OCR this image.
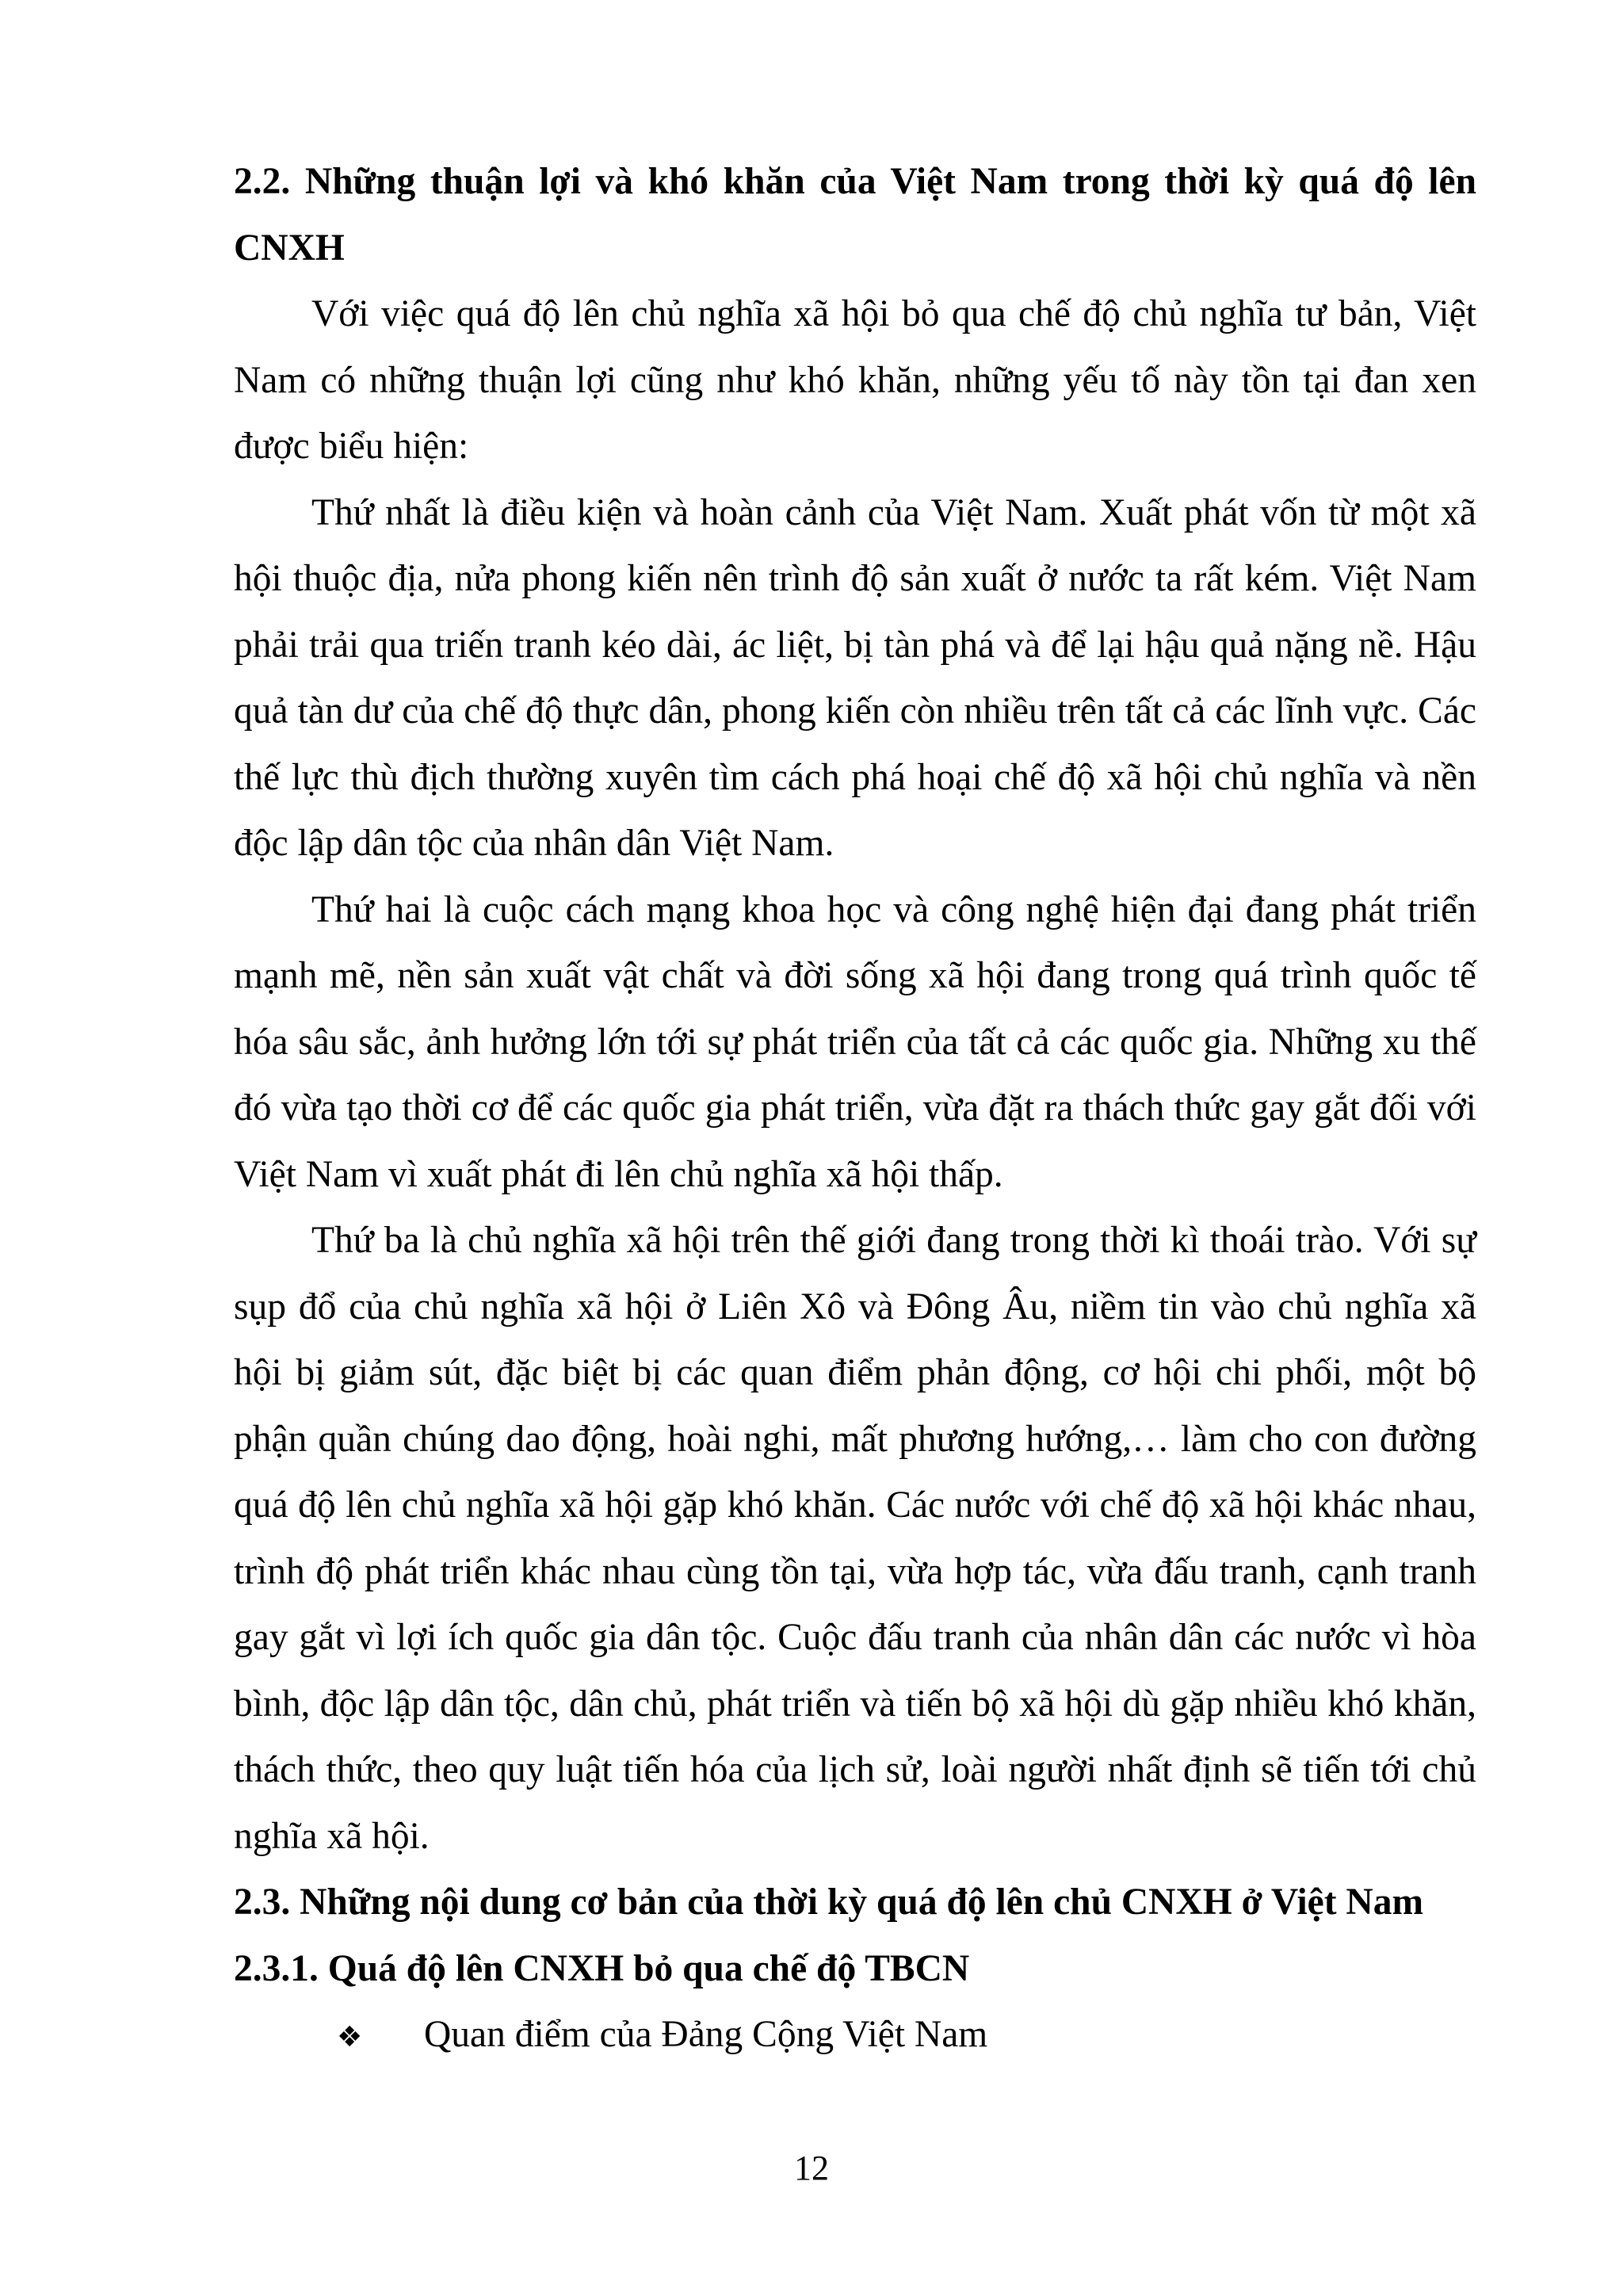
2.2. Những thuận lợi và khó khăn của Việt Nam trong thời kỳ quá độ lên CNXH

Với việc quá độ lên chủ nghĩa xã hội bỏ qua chế độ chủ nghĩa tư bản, Việt Nam có những thuận lợi cũng như khó khăn, những yếu tố này tồn tại đan xen được biểu hiện:

Thứ nhất là điều kiện và hoàn cảnh của Việt Nam. Xuất phát vốn từ một xã hội thuộc địa, nửa phong kiến nên trình độ sản xuất ở nước ta rất kém. Việt Nam phải trải qua triến tranh kéo dài, ác liệt, bị tàn phá và để lại hậu quả nặng nề. Hậu quả tàn dư của chế độ thực dân, phong kiến còn nhiều trên tất cả các lĩnh vực. Các thế lực thù địch thường xuyên tìm cách phá hoại chế độ xã hội chủ nghĩa và nền độc lập dân tộc của nhân dân Việt Nam.

Thứ hai là cuộc cách mạng khoa học và công nghệ hiện đại đang phát triển mạnh mẽ, nền sản xuất vật chất và đời sống xã hội đang trong quá trình quốc tế hóa sâu sắc, ảnh hưởng lớn tới sự phát triển của tất cả các quốc gia. Những xu thế đó vừa tạo thời cơ để các quốc gia phát triển, vừa đặt ra thách thức gay gắt đối với Việt Nam vì xuất phát đi lên chủ nghĩa xã hội thấp.

Thứ ba là chủ nghĩa xã hội trên thế giới đang trong thời kì thoái trào. Với sự sụp đổ của chủ nghĩa xã hội ở Liên Xô và Đông Âu, niềm tin vào chủ nghĩa xã hội bị giảm sút, đặc biệt bị các quan điểm phản động, cơ hội chi phối, một bộ phận quần chúng dao động, hoài nghi, mất phương hướng,… làm cho con đường quá độ lên chủ nghĩa xã hội gặp khó khăn. Các nước với chế độ xã hội khác nhau, trình độ phát triển khác nhau cùng tồn tại, vừa hợp tác, vừa đấu tranh, cạnh tranh gay gắt vì lợi ích quốc gia dân tộc. Cuộc đấu tranh của nhân dân các nước vì hòa bình, độc lập dân tộc, dân chủ, phát triển và tiến bộ xã hội dù gặp nhiều khó khăn, thách thức, theo quy luật tiến hóa của lịch sử, loài người nhất định sẽ tiến tới chủ nghĩa xã hội.

2.3. Những nội dung cơ bản của thời kỳ quá độ lên chủ CNXH ở Việt Nam

2.3.1. Quá độ lên CNXH bỏ qua chế độ TBCN

❖	Quan điểm của Đảng Cộng Việt Nam
12
